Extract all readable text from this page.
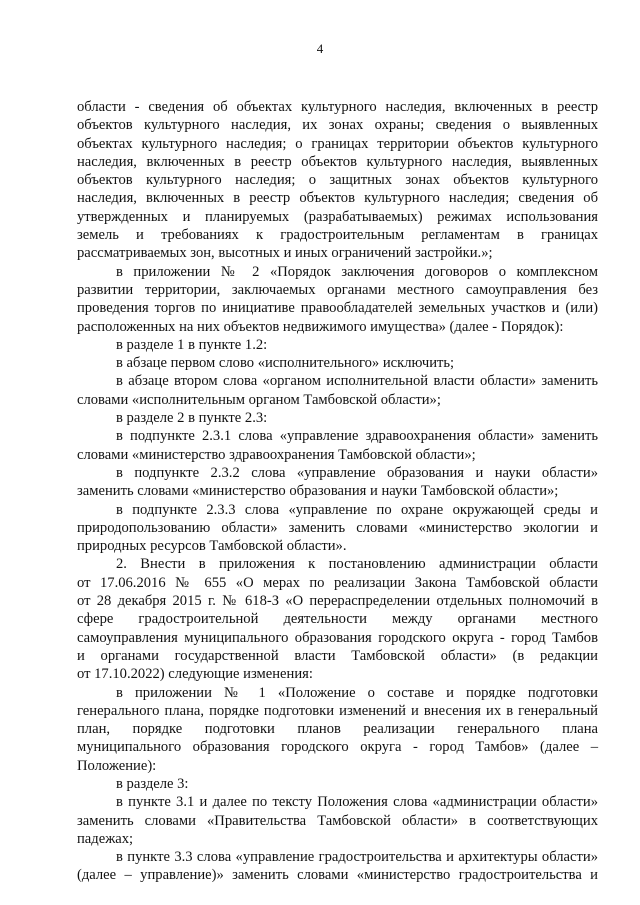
4
области - сведения об объектах культурного наследия, включенных в реестр
объектов культурного наследия, их зонах охраны; сведения о выявленных
объектах культурного наследия; о границах территории объектов культурного
наследия, включенных в реестр объектов культурного наследия, выявленных
объектов культурного наследия; о защитных зонах объектов культурного
наследия, включенных в реестр объектов культурного наследия; сведения об
утвержденных и планируемых (разрабатываемых) режимах использования
земель и требованиях к градостроительным регламентам в границах
рассматриваемых зон, высотных и иных ограничений застройки.»;
в приложении № 2 «Порядок заключения договоров о комплексном
развитии территории, заключаемых органами местного самоуправления без
проведения торгов по инициативе правообладателей земельных участков и (или)
расположенных на них объектов недвижимого имущества» (далее - Порядок):
в разделе 1 в пункте 1.2:
в абзаце первом слово «исполнительного» исключить;
в абзаце втором слова «органом исполнительной власти области» заменить
словами «исполнительным органом Тамбовской области»;
в разделе 2 в пункте 2.3:
в подпункте 2.3.1 слова «управление здравоохранения области» заменить
словами «министерство здравоохранения Тамбовской области»;
в подпункте 2.3.2 слова «управление образования и науки области»
заменить словами «министерство образования и науки Тамбовской области»;
в подпункте 2.3.3 слова «управление по охране окружающей среды и
природопользованию области» заменить словами «министерство экологии и
природных ресурсов Тамбовской области».
2. Внести в приложения к постановлению администрации области
от 17.06.2016 № 655 «О мерах по реализации Закона Тамбовской области
от 28 декабря 2015 г. № 618-З «О перераспределении отдельных полномочий в
сфере градостроительной деятельности между органами местного
самоуправления муниципального образования городского округа - город Тамбов
и органами государственной власти Тамбовской области» (в редакции
от 17.10.2022) следующие изменения:
в приложении № 1 «Положение о составе и порядке подготовки
генерального плана, порядке подготовки изменений и внесения их в генеральный
план, порядке подготовки планов реализации генерального плана
муниципального образования городского округа - город Тамбов» (далее –
Положение):
в разделе 3:
в пункте 3.1 и далее по тексту Положения слова «администрации области»
заменить словами «Правительства Тамбовской области» в соответствующих
падежах;
в пункте 3.3 слова «управление градостроительства и архитектуры области»
(далее – управление)» заменить словами «министерство градостроительства и
